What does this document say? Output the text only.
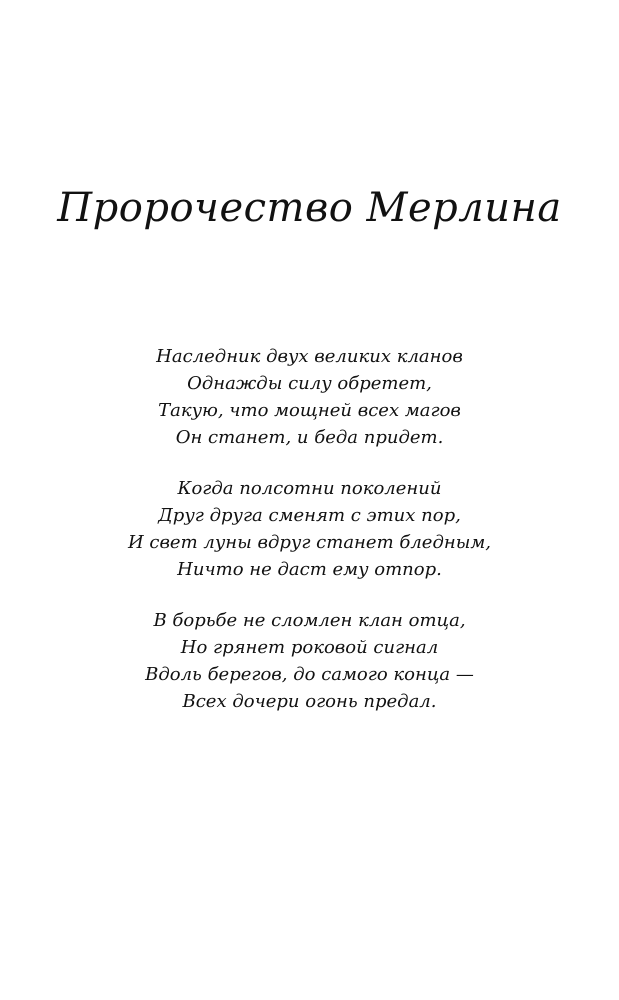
Пророчество Мерлина
Наследник двух великих кланов
Однажды силу обретет,
Такую, что мощней всех магов
Он станет, и беда придет.
Когда полсотни поколений
Друг друга сменят с этих пор,
И свет луны вдруг станет бледным,
Ничто не даст ему отпор.
В борьбе не сломлен клан отца,
Но грянет роковой сигнал
Вдоль берегов, до самого конца —
Всех дочери огонь предал.
